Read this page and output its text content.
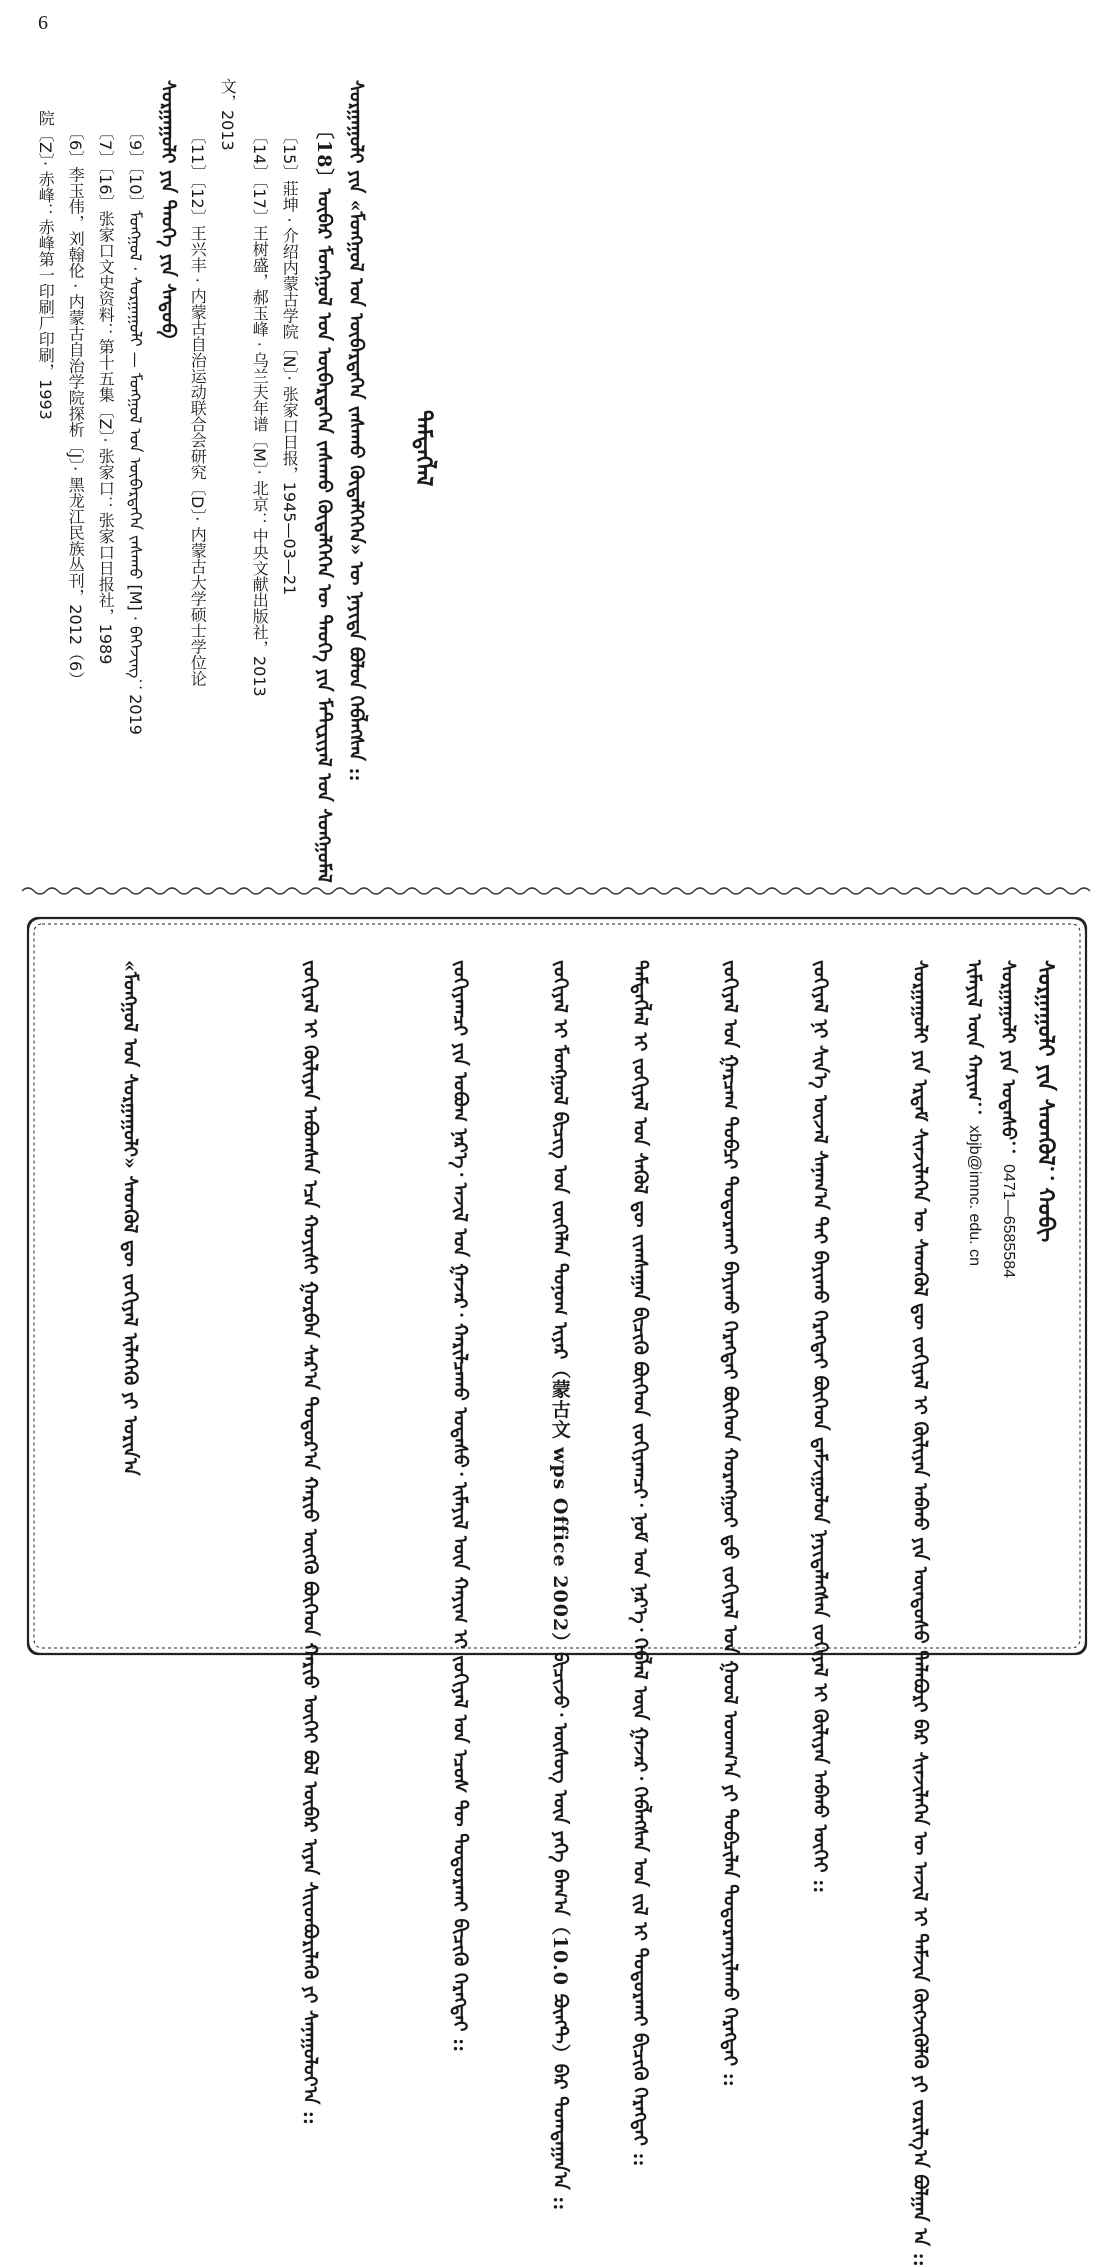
6
院〔Z〕· 赤峰：赤峰第一印刷厂印刷，1993 〔6〕李玉伟，刘翰伦 · 内蒙古自治学院探析〔J〕· 黑龙江民族丛刊，2012（6） 〔7〕〔16〕张家口文史资料：第十五集〔Z〕· 张家口：张家口日报社，1989 〔9〕〔10〕ᠮᠣᠩᠭᠣᠯ · ᠰᠤᠷᠭᠠᠭᠤᠯᠢ — ᠮᠣᠩᠭᠣᠯ ᠤᠨ ᠥᠪᠡᠷᠲᠡᠭᠡᠨ ᠵᠠᠰᠠᠬᠤ [M] · ᠪᠡᠭᠡᠵᠢᠩ：2019 ᠰᠤᠷᠭᠠᠭᠤᠯᠢ ᠶᠢᠨ ᠲᠡᠦᠬᠡ ᠶᠢᠨ ᠰᠡᠳᠦᠪ 〔11〕〔12〕王兴丰 · 内蒙古自治运动联合会研究〔D〕· 内蒙古大学硕士学位论
文，2013
〔14〕〔17〕王树盛，郝玉峰 · 乌兰夫年谱〔M〕· 北京：中央文献出版社，2013 〔15〕莊坤 · 介绍内蒙古学院〔N〕· 张家口日报，1945—03—21 〔18〕ᠥᠪᠡᠷ ᠮᠣᠩᠭᠣᠯ ᠤᠨ ᠥᠪᠡᠷᠲᠡᠭᠡᠨ ᠵᠠᠰᠠᠬᠤ ᠬᠥᠳᠡᠯᠭᠡᠭᠡᠨ ᠦ ᠲᠡᠦᠬᠡ ᠶᠢᠨ ᠮᠠᠲ᠋ᠧᠷᠢᠶᠠᠯ ᠤᠨ ᠰᠣᠩᠭᠣᠮᠠᠯ ᠰᠤᠷᠭᠠᠭᠤᠯᠢ ᠶᠢᠨ «ᠮᠣᠩᠭᠣᠯ ᠤᠨ ᠥᠪᠡᠷᠲᠡᠭᠡᠨ ᠵᠠᠰᠠᠬᠤ ᠬᠥᠳᠡᠯᠭᠡᠭᠡᠨ» ᠦ ᠨᠡᠶᠢᠲᠡ ᠪᠣᠯᠤᠨ ᠬᠡᠪᠯᠡᠭᠰᠡᠨ :: ᠲᠡᠮᠳᠡᠭᠯᠡᠯ
ᠰᠤᠷᠭᠠᠭᠤᠯᠢ ᠶᠢᠨ ᠰᠡᠳᠭᠦᠯ：ᠬᠤᠪᠢ
ᠰᠤᠷᠭᠠᠭᠤᠯᠢ ᠶᠢᠨ ᠤᠲᠠᠰᠤ： 0471—6585584
ᠢᠮᠡᠶᠢᠯ ᠦᠨ ᠬᠠᠶᠢᠭ： xbjb@imnc. edu. cn
ᠰᠤᠷᠭᠠᠭᠤᠯᠢ ᠶᠢᠨ ᠡᠷᠳᠡᠮ ᠰᠢᠨᠵᠢᠯᠡᠭᠡᠨ ᠦ ᠰᠡᠳᠭᠦᠯ ᠳᠦ ᠵᠣᠬᠢᠶᠠᠯ ᠢ ᠬᠦᠯᠢᠶᠡᠨ ᠠᠪᠬᠤ ᠶᠢᠨ ᠦᠨᠳᠦᠰᠦ ᠲᠠᠯᠠᠪᠤᠷᠢ ᠪᠠᠷ ᠰᠢᠨᠵᠢᠯᠡᠭᠡᠨ ᠦ ᠠᠵᠢᠯ ᠢ ᠳᠡᠮᠵᠢᠨ ᠬᠥᠭᠵᠢᠭᠦᠯᠬᠦ ᠶᠢ ᠵᠣᠷᠢᠯᠭ᠎ᠠ ᠪᠣᠯᠭᠠᠨ ᠠ ::
ᠵᠣᠬᠢᠶᠠᠯ ᠨᠢ ᠰᠢᠨ᠎ᠡ ᠦᠵᠡᠯ ᠰᠠᠨᠠᠭ᠎ᠠ ᠲᠠᠢ ᠪᠠᠶᠢᠬᠤ ᠬᠡᠷᠡᠭᠲᠡᠢ ᠪᠥᠭᠡᠳ ᠳ᠋ᠠᠮᠵᠢᠭᠤᠯᠤᠨ ᠨᠡᠶᠢᠲᠡᠯᠡᠭᠰᠡᠨ ᠵᠣᠬᠢᠶᠠᠯ ᠢ ᠬᠦᠯᠢᠶᠡᠨ ᠠᠪᠬᠤ ᠦᠭᠡᠢ ::
ᠵᠣᠬᠢᠶᠠᠯ ᠤᠨ ᠭᠠᠷᠴᠠᠭ ᠲᠣᠪᠴᠢ ᠲᠣᠳᠣᠷᠬᠠᠢ ᠪᠠᠶᠢᠬᠤ ᠬᠡᠷᠡᠭᠲᠡᠢ ᠪᠥᠭᠡᠳ ᠬᠤᠷᠠᠩᠭᠤᠢ ᠳ᠋ᠤ ᠵᠣᠬᠢᠶᠠᠯ ᠤᠨ ᠭᠣᠣᠯ ᠤᠳᠬ᠎ᠠ ᠶᠢ ᠲᠣᠪᠴᠢᠯᠠᠨ ᠲᠣᠳᠣᠷᠬᠠᠶᠢᠯᠠᠬᠤ ᠬᠡᠷᠡᠭᠲᠡᠢ ::
ᠲᠡᠮᠳᠡᠭᠯᠡᠯ ᠢ ᠵᠣᠬᠢᠶᠠᠯ ᠤᠨ ᠰᠡᠬᠦᠯ ᠳᠦ ᠵᠢᠭᠰᠠᠭᠠᠨ ᠪᠢᠴᠢᠬᠦ ᠪᠥᠭᠡᠳ ᠵᠣᠬᠢᠶᠠᠭᠴᠢ᠂ ᠨᠣᠮ ᠤᠨ ᠨᠡᠷ᠎ᠡ᠂ ᠬᠡᠪᠯᠡᠯ ᠦᠨ ᠭᠠᠵᠠᠷ᠂ ᠬᠡᠪᠯᠡᠭᠰᠡᠨ ᠣᠨ ᠵᠢᠯ ᠢ ᠲᠣᠳᠣᠷᠬᠠᠢ ᠪᠢᠴᠢᠬᠦ ᠬᠡᠷᠡᠭᠲᠡᠢ ::
ᠵᠣᠬᠢᠶᠠᠯ ᠢ ᠮᠣᠩᠭᠣᠯ ᠪᠢᠴᠢᠭ ᠤᠨ ᠵᠥᠭᠡᠯᠡᠨ ᠲᠣᠨᠣᠭ ᠢᠶᠠᠷ（蒙古文 wps Office 2002）ᠪᠢᠴᠢᠵᠦ᠂ ᠦᠰᠦᠭ ᠦᠨ ᠶᠡᠬᠡ ᠪᠠᠭ᠎ᠠ（10.0 ᠫᠦᠩᠲ）ᠪᠠᠷ ᠲᠣᠭᠲᠠᠭᠠᠨ᠎ᠠ ::
ᠵᠣᠬᠢᠶᠠᠭᠴᠢ ᠶᠢᠨ ᠣᠪᠣᠭ ᠨᠡᠷ᠎ᠡ᠂ ᠠᠵᠢᠯ ᠤᠨ ᠭᠠᠵᠠᠷ᠂ ᠬᠠᠷᠢᠯᠴᠠᠬᠤ ᠤᠲᠠᠰᠤ᠂ ᠢᠮᠡᠶᠢᠯ ᠦᠨ ᠬᠠᠶᠢᠭ ᠢ ᠵᠣᠬᠢᠶᠠᠯ ᠤᠨ ᠡᠴᠦᠰ ᠲᠦ ᠲᠣᠳᠣᠷᠬᠠᠢ ᠪᠢᠴᠢᠬᠦ ᠬᠡᠷᠡᠭᠲᠡᠢ ::
ᠵᠣᠬᠢᠶᠠᠯ ᠢ ᠬᠦᠯᠢᠶᠡᠨ ᠠᠪᠤᠭᠰᠠᠨ ᠡᠴᠡ ᠬᠣᠶᠢᠰᠢ ᠭᠤᠷᠪᠠᠨ ᠰᠠᠷ᠎ᠠ ᠳᠣᠲᠣᠷ᠎ᠠ ᠬᠠᠷᠢᠤ ᠥᠭᠬᠦ ᠪᠥᠭᠡᠳ ᠬᠠᠷᠢᠤ ᠦᠭᠡᠢ ᠪᠣᠯ ᠥᠪᠡᠷ ᠢᠶᠡᠨ ᠰᠢᠢᠳᠪᠦᠷᠢᠯᠡᠬᠦ ᠶᠢ ᠰᠠᠨᠠᠭᠤᠯᠤᠶ᠎ᠠ ::
«ᠮᠣᠩᠭᠣᠯ ᠤᠨ ᠰᠤᠷᠭᠠᠭᠤᠯᠢ» ᠰᠡᠳᠭᠦᠯ ᠳᠦ ᠵᠣᠬᠢᠶᠠᠯ ᠢᠯᠡᠭᠡᠬᠦ ᠶᠢ ᠤᠷᠢᠨ᠎ᠠ
